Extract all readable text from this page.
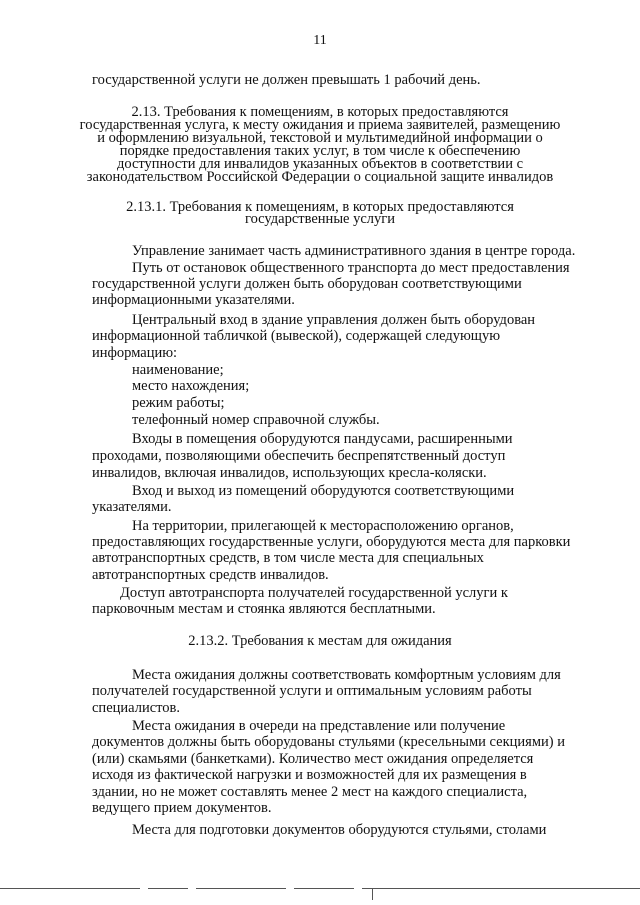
11
государственной услуги не должен превышать 1 рабочий день.
2.13. Требования к помещениям, в которых предоставляются
государственная услуга, к месту ожидания и приема заявителей, размещению
и оформлению визуальной, текстовой и мультимедийной информации о
порядке предоставления таких услуг, в том числе к обеспечению
доступности для инвалидов указанных объектов в соответствии с
законодательством Российской Федерации о социальной защите инвалидов
2.13.1. Требования к помещениям, в которых предоставляются
государственные услуги
Управление занимает часть административного здания в центре города.
Путь от остановок общественного транспорта до мест предоставления
государственной услуги должен быть оборудован соответствующими
информационными указателями.
Центральный вход в здание управления должен быть оборудован
информационной табличкой (вывеской), содержащей следующую
информацию:
наименование;
место нахождения;
режим работы;
телефонный номер справочной службы.
Входы в помещения оборудуются пандусами, расширенными
проходами, позволяющими обеспечить беспрепятственный доступ
инвалидов, включая инвалидов, использующих кресла-коляски.
Вход и выход из помещений оборудуются соответствующими
указателями.
На территории, прилегающей к месторасположению органов,
предоставляющих государственные услуги, оборудуются места для парковки
автотранспортных средств, в том числе места для специальных
автотранспортных средств инвалидов.
Доступ автотранспорта получателей государственной услуги к
парковочным местам и стоянка являются бесплатными.
2.13.2. Требования к местам для ожидания
Места ожидания должны соответствовать комфортным условиям для
получателей государственной услуги и оптимальным условиям работы
специалистов.
Места ожидания в очереди на представление или получение
документов должны быть оборудованы стульями (кресельными секциями) и
(или) скамьями (банкетками). Количество мест ожидания определяется
исходя из фактической нагрузки и возможностей для их размещения в
здании, но не может составлять менее 2 мест на каждого специалиста,
ведущего прием документов.
Места для подготовки документов оборудуются стульями, столами
